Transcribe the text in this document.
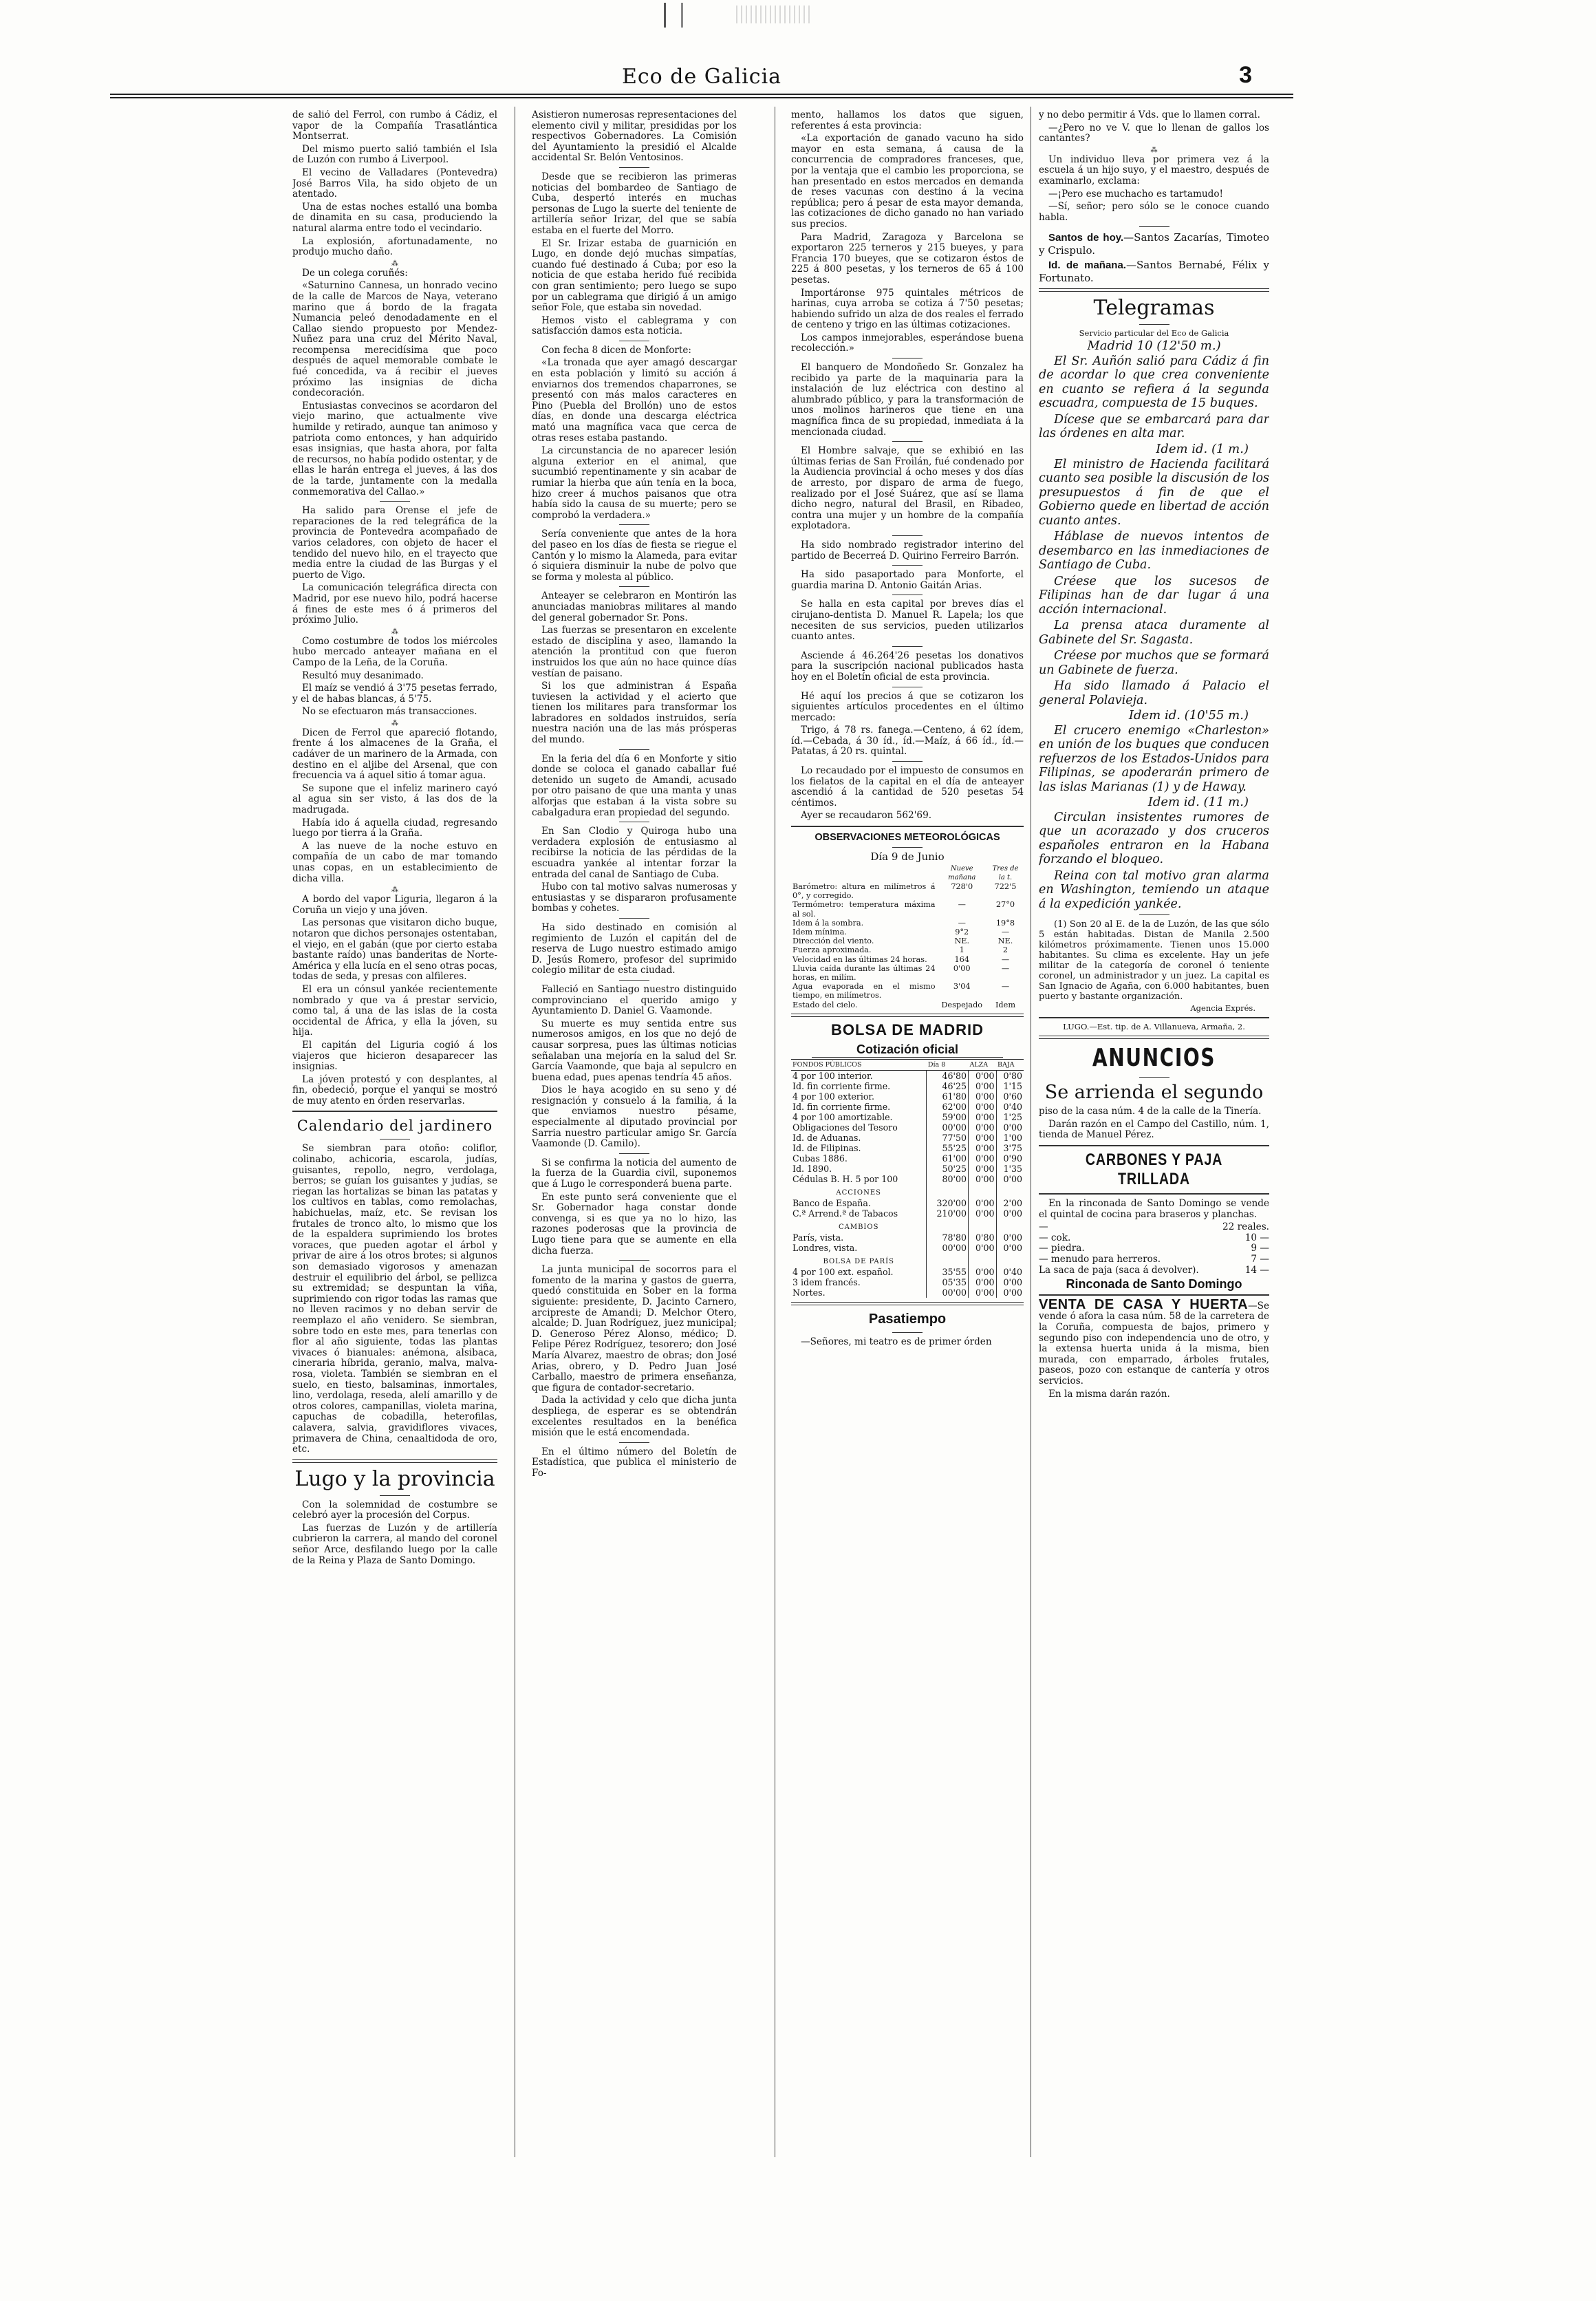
Eco de Galicia	3

de salió del Ferrol, con rumbo á Cádiz, el vapor de la Compañía Trasatlántica Montserrat.

Del mismo puerto salió también el Isla de Luzón con rumbo á Liverpool.

El vecino de Valladares (Pontevedra) José Barros Vila, ha sido objeto de un atentado.

Una de estas noches estalló una bomba de dinamita en su casa, produciendo la natural alarma entre todo el vecindario.

La explosión, afortunadamente, no produjo mucho daño.

⁂

De un colega coruñés:

«Saturnino Cannesa, un honrado vecino de la calle de Marcos de Naya, veterano marino que á bordo de la fragata Numancia peleó denodadamente en el Callao siendo propuesto por Mendez-Nuñez para una cruz del Mérito Naval, recompensa merecidísima que poco después de aquel memorable combate le fué concedida, va á recibir el jueves próximo las insignias de dicha condecoración.

Entusiastas convecinos se acordaron del viejo marino, que actualmente vive humilde y retirado, aunque tan animoso y patriota como entonces, y han adquirido esas insignias, que hasta ahora, por falta de recursos, no había podido ostentar, y de ellas le harán entrega el jueves, á las dos de la tarde, juntamente con la medalla conmemorativa del Callao.»

Ha salido para Orense el jefe de reparaciones de la red telegráfica de la provincia de Pontevedra acompañado de varios celadores, con objeto de hacer el tendido del nuevo hilo, en el trayecto que media entre la ciudad de las Burgas y el puerto de Vigo.

La comunicación telegráfica directa con Madrid, por ese nuevo hilo, podrá hacerse á fines de este mes ó á primeros del próximo Julio.

⁂

Como costumbre de todos los miércoles hubo mercado anteayer mañana en el Campo de la Leña, de la Coruña.

Resultó muy desanimado.

El maíz se vendió á 3'75 pesetas ferrado, y el de habas blancas, á 5'75.

No se efectuaron más transacciones.

⁂

Dicen de Ferrol que apareció flotando, frente á los almacenes de la Graña, el cadáver de un marinero de la Armada, con destino en el aljibe del Arsenal, que con frecuencia va á aquel sitio á tomar agua.

Se supone que el infeliz marinero cayó al agua sin ser visto, á las dos de la madrugada.

Había ido á aquella ciudad, regresando luego por tierra á la Graña.

A las nueve de la noche estuvo en compañía de un cabo de mar tomando unas copas, en un establecimiento de dicha villa.

⁂

A bordo del vapor Liguria, llegaron á la Coruña un viejo y una jóven.

Las personas que visitaron dicho buque, notaron que dichos personajes ostentaban, el viejo, en el gabán (que por cierto estaba bastante raído) unas banderitas de Norte-América y ella lucía en el seno otras pocas, todas de seda, y presas con alfileres.

El era un cónsul yankée recientemente nombrado y que va á prestar servicio, como tal, á una de las islas de la costa occidental de África, y ella la jóven, su hija.

El capitán del Liguria cogió á los viajeros que hicieron desaparecer las insignias.

La jóven protestó y con desplantes, al fin, obedeció, porque el yanqui se mostró de muy atento en órden reservarlas.

Calendario del jardinero

Se siembran para otoño: coliflor, colinabo, achicoria, escarola, judías, guisantes, repollo, negro, verdolaga, berros; se guían los guisantes y judías, se riegan las hortalizas se binan las patatas y los cultivos en tablas, como remolachas, habichuelas, maíz, etc. Se revisan los frutales de tronco alto, lo mismo que los de la espaldera suprimiendo los brotes voraces, que pueden agotar el árbol y privar de aire á los otros brotes; si algunos son demasiado vigorosos y amenazan destruir el equilibrio del árbol, se pellizca su extremidad; se despuntan la viña, suprimiendo con rigor todas las ramas que no lleven racimos y no deban servir de reemplazo el año venidero. Se siembran, sobre todo en este mes, para tenerlas con flor al año siguiente, todas las plantas vivaces ó bianuales: anémona, alsibaca, cineraria híbrida, geranio, malva, malva-rosa, violeta. También se siembran en el suelo, en tiesto, balsaminas, inmortales, lino, verdolaga, reseda, alelí amarillo y de otros colores, campanillas, violeta marina, capuchas de cobadilla, heterofilas, calavera, salvia, gravidiflores vivaces, primavera de China, cenaaltidoda de oro, etc.

Lugo y la provincia

Con la solemnidad de costumbre se celebró ayer la procesión del Corpus.

Las fuerzas de Luzón y de artillería cubrieron la carrera, al mando del coronel señor Arce, desfilando luego por la calle de la Reina y Plaza de Santo Domingo.

Asistieron numerosas representaciones del elemento civil y militar, presididas por los respectivos Gobernadores. La Comisión del Ayuntamiento la presidió el Alcalde accidental Sr. Belón Ventosinos.

Desde que se recibieron las primeras noticias del bombardeo de Santiago de Cuba, despertó interés en muchas personas de Lugo la suerte del teniente de artillería señor Irizar, del que se sabía estaba en el fuerte del Morro.

El Sr. Irizar estaba de guarnición en Lugo, en donde dejó muchas simpatías, cuando fué destinado á Cuba; por eso la noticia de que estaba herido fué recibida con gran sentimiento; pero luego se supo por un cablegrama que dirigió á un amigo señor Fole, que estaba sin novedad.

Hemos visto el cablegrama y con satisfacción damos esta noticia.

Con fecha 8 dicen de Monforte:

«La tronada que ayer amagó descargar en esta población y limitó su acción á enviarnos dos tremendos chaparrones, se presentó con más malos caracteres en Pino (Puebla del Brollón) uno de estos días, en donde una descarga eléctrica mató una magnífica vaca que cerca de otras reses estaba pastando.

La circunstancia de no aparecer lesión alguna exterior en el animal, que sucumbió repentinamente y sin acabar de rumiar la hierba que aún tenía en la boca, hizo creer á muchos paisanos que otra había sido la causa de su muerte; pero se comprobó la verdadera.»

Sería conveniente que antes de la hora del paseo en los días de fiesta se riegue el Cantón y lo mismo la Alameda, para evitar ó siquiera disminuir la nube de polvo que se forma y molesta al público.

Anteayer se celebraron en Montirón las anunciadas maniobras militares al mando del general gobernador Sr. Pons.

Las fuerzas se presentaron en excelente estado de disciplina y aseo, llamando la atención la prontitud con que fueron instruidos los que aún no hace quince días vestían de paisano.

Si los que administran á España tuviesen la actividad y el acierto que tienen los militares para transformar los labradores en soldados instruidos, sería nuestra nación una de las más prósperas del mundo.

En la feria del día 6 en Monforte y sitio donde se coloca el ganado caballar fué detenido un sugeto de Amandi, acusado por otro paisano de que una manta y unas alforjas que estaban á la vista sobre su cabalgadura eran propiedad del segundo.

En San Clodio y Quiroga hubo una verdadera explosión de entusiasmo al recibirse la noticia de las pérdidas de la escuadra yankée al intentar forzar la entrada del canal de Santiago de Cuba.

Hubo con tal motivo salvas numerosas y entusiastas y se dispararon profusamente bombas y cohetes.

Ha sido destinado en comisión al regimiento de Luzón el capitán del de reserva de Lugo nuestro estimado amigo D. Jesús Romero, profesor del suprimido colegio militar de esta ciudad.

Falleció en Santiago nuestro distinguido comprovinciano el querido amigo y Ayuntamiento D. Daniel G. Vaamonde.

Su muerte es muy sentida entre sus numerosos amigos, en los que no dejó de causar sorpresa, pues las últimas noticias señalaban una mejoría en la salud del Sr. García Vaamonde, que baja al sepulcro en buena edad, pues apenas tendría 45 años.

Dios le haya acogido en su seno y dé resignación y consuelo á la familia, á la que enviamos nuestro pésame, especialmente al diputado provincial por Sarria nuestro particular amigo Sr. García Vaamonde (D. Camilo).

Si se confirma la noticia del aumento de la fuerza de la Guardia civil, suponemos que á Lugo le corresponderá buena parte.

En este punto será conveniente que el Sr. Gobernador haga constar donde convenga, si es que ya no lo hizo, las razones poderosas que la provincia de Lugo tiene para que se aumente en ella dicha fuerza.

La junta municipal de socorros para el fomento de la marina y gastos de guerra, quedó constituida en Sober en la forma siguiente: presidente, D. Jacinto Carnero, arcipreste de Amandi; D. Melchor Otero, alcalde; D. Juan Rodríguez, juez municipal; D. Generoso Pérez Alonso, médico; D. Felipe Pérez Rodríguez, tesorero; don José María Alvarez, maestro de obras; don José Arias, obrero, y D. Pedro Juan José Carballo, maestro de primera enseñanza, que figura de contador-secretario.

Dada la actividad y celo que dicha junta despliega, de esperar es se obtendrán excelentes resultados en la benéfica misión que le está encomendada.

En el último número del Boletín de Estadística, que publica el ministerio de Fo-

mento, hallamos los datos que siguen, referentes á esta provincia:

«La exportación de ganado vacuno ha sido mayor en esta semana, á causa de la concurrencia de compradores franceses, que, por la ventaja que el cambio les proporciona, se han presentado en estos mercados en demanda de reses vacunas con destino á la vecina república; pero á pesar de esta mayor demanda, las cotizaciones de dicho ganado no han variado sus precios.

Para Madrid, Zaragoza y Barcelona se exportaron 225 terneros y 215 bueyes, y para Francia 170 bueyes, que se cotizaron éstos de 225 á 800 pesetas, y los terneros de 65 á 100 pesetas.

Importáronse 975 quintales métricos de harinas, cuya arroba se cotiza á 7'50 pesetas; habiendo sufrido un alza de dos reales el ferrado de centeno y trigo en las últimas cotizaciones.

Los campos inmejorables, esperándose buena recolección.»

El banquero de Mondoñedo Sr. Gonzalez ha recibido ya parte de la maquinaria para la instalación de luz eléctrica con destino al alumbrado público, y para la transformación de unos molinos harineros que tiene en una magnífica finca de su propiedad, inmediata á la mencionada ciudad.

El Hombre salvaje, que se exhibió en las últimas ferias de San Froilán, fué condenado por la Audiencia provincial á ocho meses y dos días de arresto, por disparo de arma de fuego, realizado por el José Suárez, que así se llama dicho negro, natural del Brasil, en Ribadeo, contra una mujer y un hombre de la compañía explotadora.

Ha sido nombrado registrador interino del partido de Becerreá D. Quirino Ferreiro Barrón.

Ha sido pasaportado para Monforte, el guardia marina D. Antonio Gaitán Arias.

Se halla en esta capital por breves días el cirujano-dentista D. Manuel R. Lapela; los que necesiten de sus servicios, pueden utilizarlos cuanto antes.

Asciende á 46.264'26 pesetas los donativos para la suscripción nacional publicados hasta hoy en el Boletín oficial de esta provincia.

Hé aquí los precios á que se cotizaron los siguientes artículos procedentes en el último mercado:

Trigo, á 78 rs. fanega.—Centeno, á 62 ídem, íd.—Cebada, á 30 íd., íd.—Maíz, á 66 íd., íd.—Patatas, á 20 rs. quintal.

Lo recaudado por el impuesto de consumos en los fielatos de la capital en el día de anteayer ascendió á la cantidad de 520 pesetas 54 céntimos.

Ayer se recaudaron 562'69.

OBSERVACIONES METEOROLÓGICAS
Día 9 de Junio
	Nueve mañana	Tres de la t.
Barómetro: altura en milímetros á 0°, y corregido.	728'0	722'5
Termómetro: temperatura máxima al sol.	—	27°0
Idem á la sombra.	—	19°8
Idem mínima.	9°2	—
Dirección del viento.	NE.	NE.
Fuerza aproximada.	1	2
Velocidad en las últimas 24 horas.	164	—
Lluvia caída durante las últimas 24 horas, en milím.	0'00	—
Agua evaporada en el mismo tiempo, en milímetros.	3'04	—
Estado del cielo.	Despejado	Idem
BOLSA DE MADRID
Cotización oficial
FONDOS PÚBLICOS	Día 8	ALZA	BAJA
4 por 100 interior.	46'80	0'00	0'80
Id. fin corriente firme.	46'25	0'00	1'15
4 por 100 exterior.	61'80	0'00	0'60
Id. fin corriente firme.	62'00	0'00	0'40
4 por 100 amortizable.	59'00	0'00	1'25
Obligaciones del Tesoro	00'00	0'00	0'00
Id. de Aduanas.	77'50	0'00	1'00
Id. de Filipinas.	55'25	0'00	3'75
Cubas 1886.	61'00	0'00	0'90
Id. 1890.	50'25	0'00	1'35
Cédulas B. H. 5 por 100	80'00	0'00	0'00
ACCIONES			
Banco de España.	320'00	0'00	2'00
C.ª Arrend.ª de Tabacos	210'00	0'00	0'00
CAMBIOS			
París, vista.	78'80	0'80	0'00
Londres, vista.	00'00	0'00	0'00
BOLSA DE PARÍS			
4 por 100 ext. español.	35'55	0'00	0'40
3 idem francés.	05'35	0'00	0'00
Nortes.	00'00	0'00	0'00
Pasatiempo

—Señores, mi teatro es de primer órden

y no debo permitir á Vds. que lo llamen corral.

—¿Pero no ve V. que lo llenan de gallos los cantantes?

⁂

Un individuo lleva por primera vez á la escuela á un hijo suyo, y el maestro, después de examinarlo, exclama:

—¡Pero ese muchacho es tartamudo!

—Sí, señor; pero sólo se le conoce cuando habla.

Santos de hoy.—Santos Zacarías, Timoteo y Crispulo.

Id. de mañana.—Santos Bernabé, Félix y Fortunato.

Telegramas
Servicio particular del Eco de Galicia
Madrid 10 (12'50 m.)

El Sr. Auñón salió para Cádiz á fin de acordar lo que crea conveniente en cuanto se refiera á la segunda escuadra, compuesta de 15 buques.

Dícese que se embarcará para dar las órdenes en alta mar.

Idem id. (1 m.)

El ministro de Hacienda facilitará cuanto sea posible la discusión de los presupuestos á fin de que el Gobierno quede en libertad de acción cuanto antes.

Háblase de nuevos intentos de desembarco en las inmediaciones de Santiago de Cuba.

Créese que los sucesos de Filipinas han de dar lugar á una acción internacional.

La prensa ataca duramente al Gabinete del Sr. Sagasta.

Créese por muchos que se formará un Gabinete de fuerza.

Ha sido llamado á Palacio el general Polavieja.

Idem id. (10'55 m.)

El crucero enemigo «Charleston» en unión de los buques que conducen refuerzos de los Estados-Unidos para Filipinas, se apoderarán primero de las islas Marianas (1) y de Haway.

Idem id. (11 m.)

Circulan insistentes rumores de que un acorazado y dos cruceros españoles entraron en la Habana forzando el bloqueo.

Reina con tal motivo gran alarma en Washington, temiendo un ataque á la expedición yankée.

(1) Son 20 al E. de la de Luzón, de las que sólo 5 están habitadas. Distan de Manila 2.500 kilómetros próximamente. Tienen unos 15.000 habitantes. Su clima es excelente. Hay un jefe militar de la categoría de coronel ó teniente coronel, un administrador y un juez. La capital es San Ignacio de Agaña, con 6.000 habitantes, buen puerto y bastante organización.

Agencia Exprés.
LUGO.—Est. tip. de A. Villanueva, Armaña, 2.
ANUNCIOS
Se arrienda el segundo

piso de la casa núm. 4 de la calle de la Tinería.

Darán razón en el Campo del Castillo, núm. 1, tienda de Manuel Pérez.

CARBONES Y PAJA TRILLADA

En la rinconada de Santo Domingo se vende el quintal de cocina para braseros y planchas.

—	22 reales.
— cok.	10 —
— piedra.	9 —
— menudo para herreros.	7 —
La saca de paja (saca á devolver).	14 —
Rinconada de Santo Domingo

VENTA DE CASA Y HUERTA—Se vende ó afora la casa núm. 58 de la carretera de la Coruña, compuesta de bajos, primero y segundo piso con independencia uno de otro, y la extensa huerta unida á la misma, bien murada, con emparrado, árboles frutales, paseos, pozo con estanque de cantería y otros servicios.

En la misma darán razón.
